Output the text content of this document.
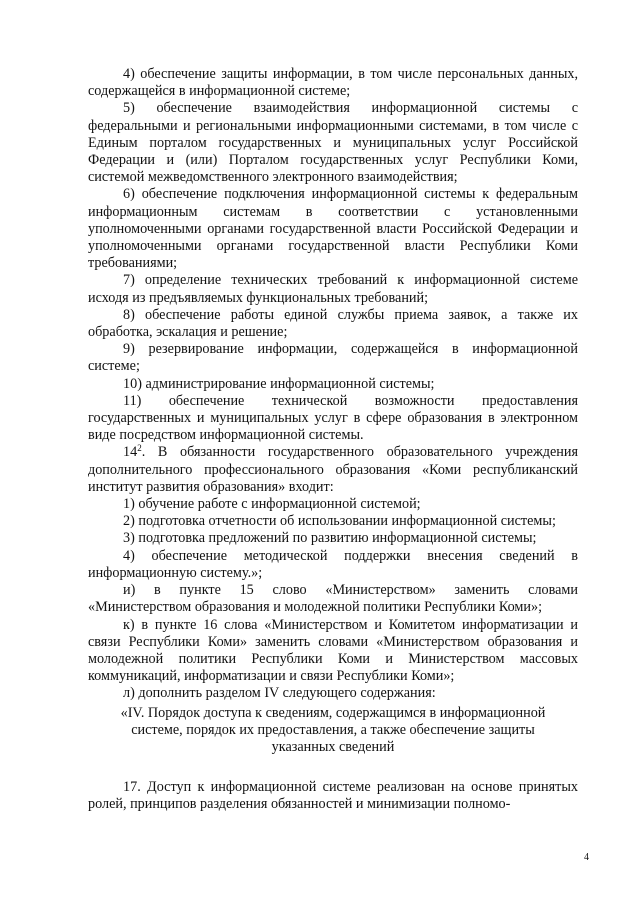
4) обеспечение защиты информации, в том числе персональных данных, содержащейся в информационной системе;

5) обеспечение взаимодействия информационной системы с федеральными и региональными информационными системами, в том числе с Единым порталом государственных и муниципальных услуг Российской Федерации и (или) Порталом государственных услуг Республики Коми, системой межведомственного электронного взаимодействия;

6) обеспечение подключения информационной системы к федеральным информационным системам в соответствии с установленными уполномоченными органами государственной власти Российской Федерации и уполномоченными органами государственной власти Республики Коми требованиями;

7) определение технических требований к информационной системе исходя из предъявляемых функциональных требований;

8) обеспечение работы единой службы приема заявок, а также их обработка, эскалация и решение;

9) резервирование информации, содержащейся в информационной системе;

10) администрирование информационной системы;

11) обеспечение технической возможности предоставления государственных и муниципальных услуг в сфере образования в электронном виде посредством информационной системы.

$14^2$. В обязанности государственного образовательного учреждения дополнительного профессионального образования «Коми республиканский институт развития образования» входит:

1) обучение работе с информационной системой;

2) подготовка отчетности об использовании информационной системы;

3) подготовка предложений по развитию информационной системы;

4) обеспечение методической поддержки внесения сведений в информационную систему.»;

и) в пункте 15 слово «Министерством» заменить словами «Министерством образования и молодежной политики Республики Коми»;

к) в пункте 16 слова «Министерством и Комитетом информатизации и связи Республики Коми» заменить словами «Министерством образования и молодежной политики Республики Коми и Министерством массовых коммуникаций, информатизации и связи Республики Коми»;

л) дополнить разделом IV следующего содержания:

«IV. Порядок доступа к сведениям, содержащимся в информационной
системе, порядок их предоставления, а также обеспечение защиты
указанных сведений

17. Доступ к информационной системе реализован на основе принятых ролей, принципов разделения обязанностей и минимизации полномо-

4
